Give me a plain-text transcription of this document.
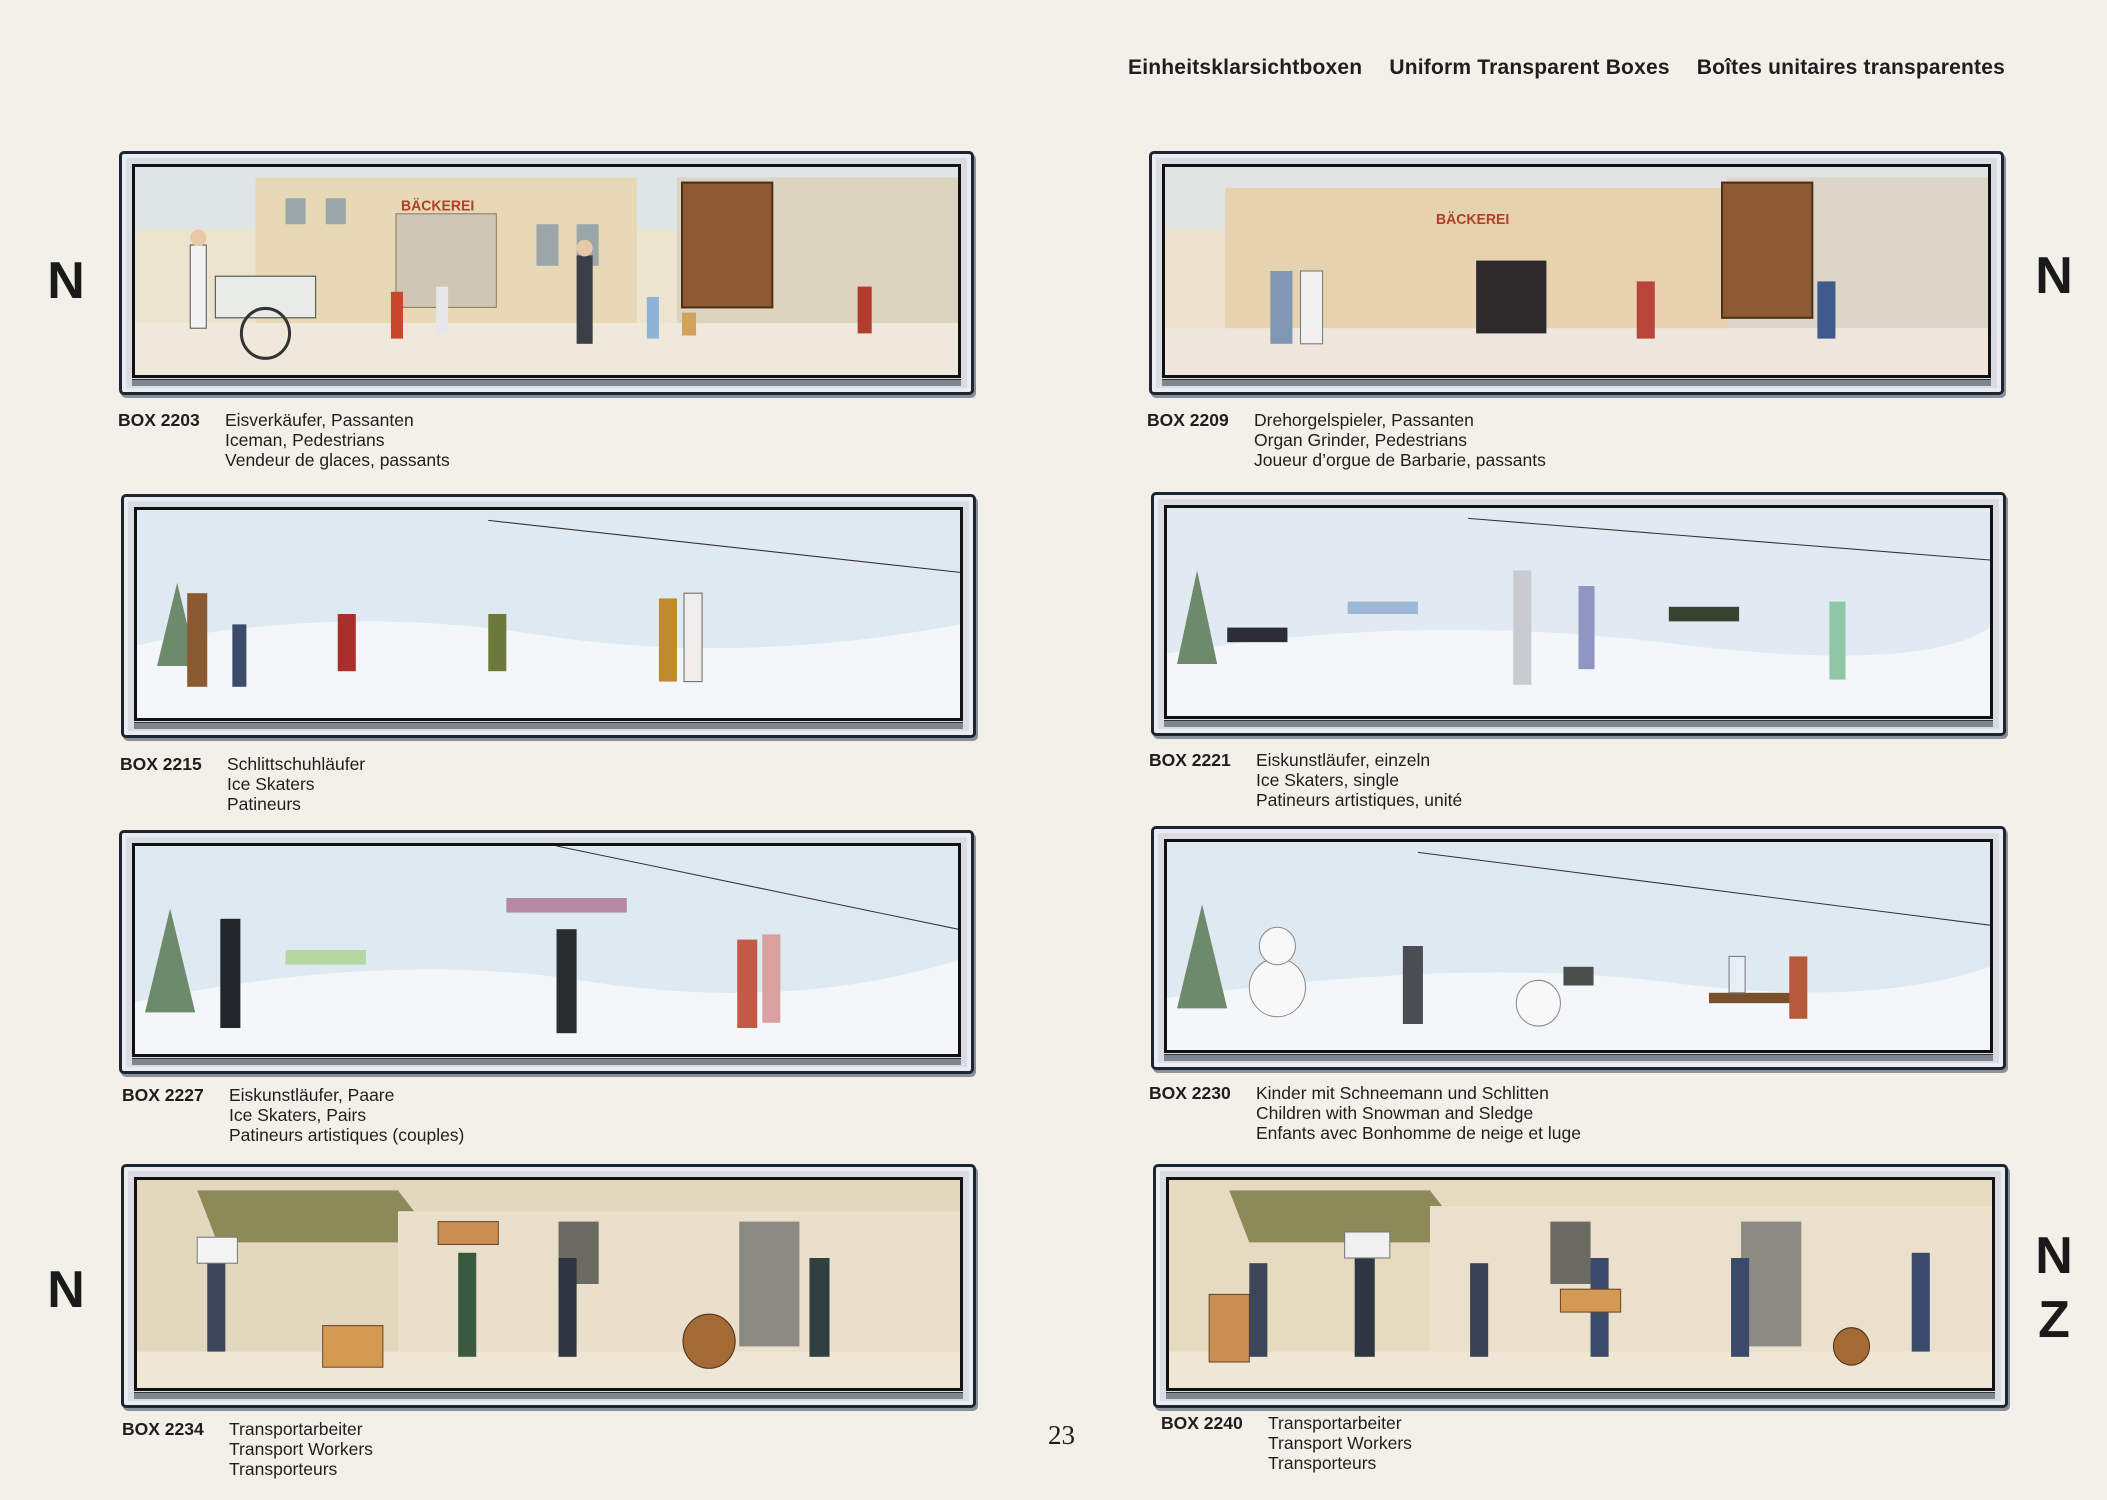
Einheitsklarsichtboxen Uniform Transparent Boxes Boîtes unitaires transparentes
N	N
N
N
Z
BÄCKEREI
BOX 2203	Eisverkäufer, Passanten
Iceman, Pedestrians
Vendeur de glaces, passants
BÄCKEREI
BOX 2209	Drehorgelspieler, Passanten
Organ Grinder, Pedestrians
Joueur d’orgue de Barbarie, passants
BOX 2215	Schlittschuhläufer
Ice Skaters
Patineurs
BOX 2221	Eiskunstläufer, einzeln
Ice Skaters, single
Patineurs artistiques, unité
BOX 2227	Eiskunstläufer, Paare
Ice Skaters, Pairs
Patineurs artistiques (couples)
BOX 2230	Kinder mit Schneemann und Schlitten
Children with Snowman and Sledge
Enfants avec Bonhomme de neige et luge
BOX 2234	Transportarbeiter
Transport Workers
Transporteurs
BOX 2240	Transportarbeiter
Transport Workers
Transporteurs
23
